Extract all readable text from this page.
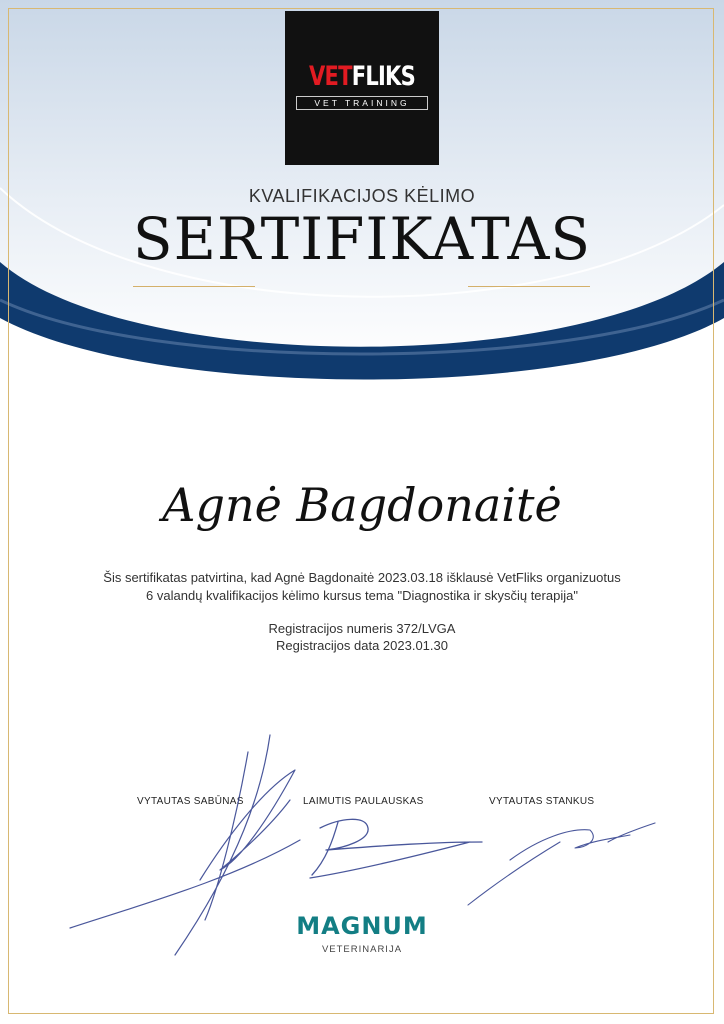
VETFLIKS
VET TRAINING
KVALIFIKACIJOS KĖLIMO
SERTIFIKATAS
Agnė Bagdonaitė
Šis sertifikatas patvirtina, kad Agnė Bagdonaitė 2023.03.18 išklausė VetFliks organizuotus
6 valandų kvalifikacijos kėlimo kursus tema "Diagnostika ir skysčių terapija"
Registracijos numeris 372/LVGA
Registracijos data 2023.01.30
VYTAUTAS SABŪNAS	LAIMUTIS PAULAUSKAS	VYTAUTAS STANKUS
MAGNUM
VETERINARIJA
